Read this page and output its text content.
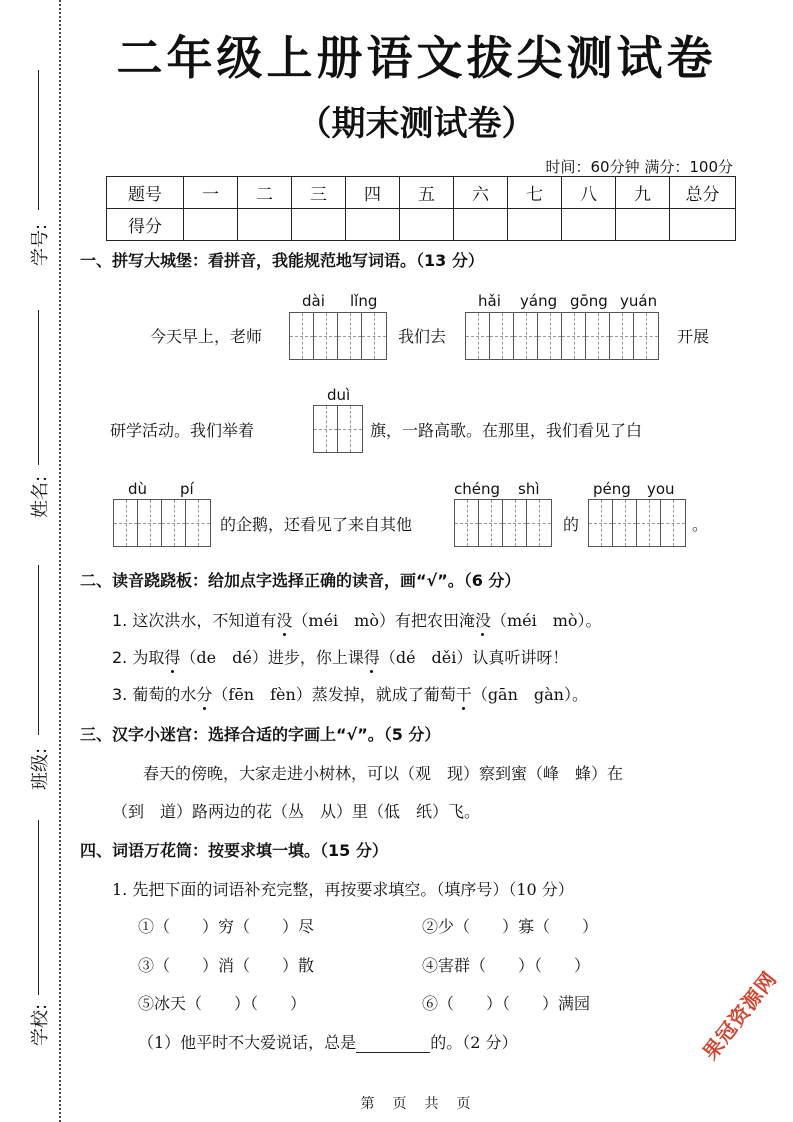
学号:
姓名:
班级:
学校:
二年级上册语文拔尖测试卷
（期末测试卷）
时间：60分钟 满分：100分
题号	一	二	三	四	五	六	七	八	九	总分
得分										
一、拼写大城堡：看拼音，我能规范地写词语。（13 分）
dài lǐng	hǎi yáng gōng yuán
今天早上，老师	我们去	开展
duì
研学活动。我们举着	旗，一路高歌。在那里，我们看见了白
dù pí	chéng shì	péng you
的企鹅，还看见了来自其他	的	。
二、读音跷跷板：给加点字选择正确的读音，画“√”。（6 分）
1. 这次洪水，不知道有没（méi　mò）有把农田淹没（méi　mò）。
2. 为取得（de　dé）进步，你上课得（dé　děi）认真听讲呀！
3. 葡萄的水分（fēn　fèn）蒸发掉，就成了葡萄干（gān　gàn）。
三、汉字小迷宫：选择合适的字画上“√”。（5 分）
春天的傍晚，大家走进小树林，可以（观　现）察到蜜（峰　蜂）在
（到　道）路两边的花（丛　从）里（低　纸）飞。
四、词语万花筒：按要求填一填。（15 分）
1. 先把下面的词语补充完整，再按要求填空。（填序号）（10 分）
①（　　）穷（　　）尽	②少（　　）寡（　　）
③（　　）消（　　）散	④害群（　　）（　　）
⑤冰天（　　）（　　）	⑥（　　）（　　）满园
（1）他平时不大爱说话，总是	的。（2 分）
第　页　共　页
果冠资源网
